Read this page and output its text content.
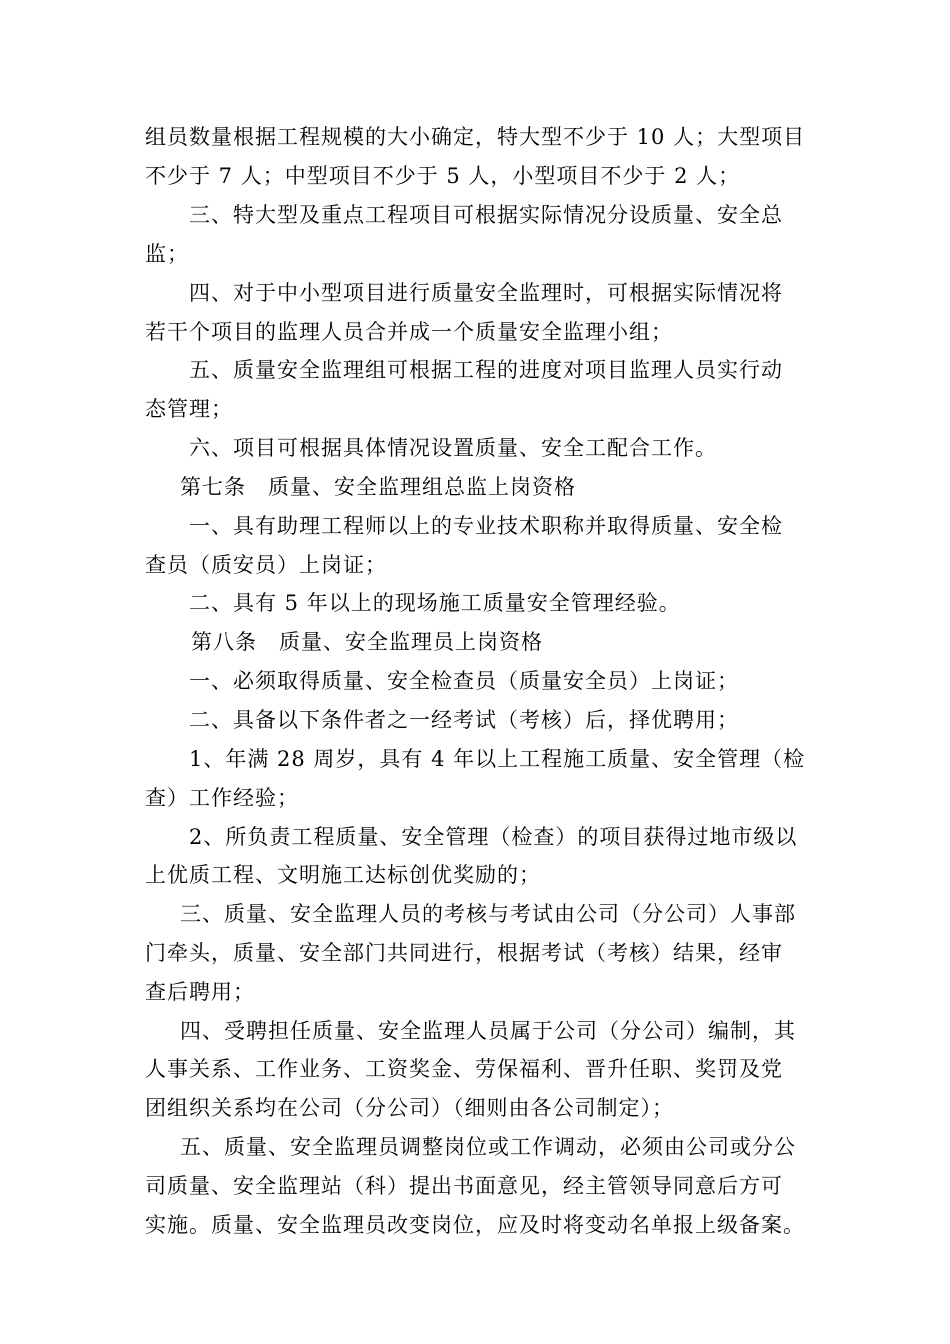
组员数量根据工程规模的大小确定，特大型不少于 10 人；大型项目
不少于 7 人；中型项目不少于 5 人，小型项目不少于 2 人；
三、特大型及重点工程项目可根据实际情况分设质量、安全总
监；
四、对于中小型项目进行质量安全监理时，可根据实际情况将
若干个项目的监理人员合并成一个质量安全监理小组；
五、质量安全监理组可根据工程的进度对项目监理人员实行动
态管理；
六、项目可根据具体情况设置质量、安全工配合工作。
第七条　质量、安全监理组总监上岗资格
一、具有助理工程师以上的专业技术职称并取得质量、安全检
查员（质安员）上岗证；
二、具有 5 年以上的现场施工质量安全管理经验。
第八条　质量、安全监理员上岗资格
一、必须取得质量、安全检查员（质量安全员）上岗证；
二、具备以下条件者之一经考试（考核）后，择优聘用；
1、年满 28 周岁，具有 4 年以上工程施工质量、安全管理（检
查）工作经验；
2、所负责工程质量、安全管理（检查）的项目获得过地市级以
上优质工程、文明施工达标创优奖励的；
三、质量、安全监理人员的考核与考试由公司（分公司）人事部
门牵头，质量、安全部门共同进行，根据考试（考核）结果，经审
查后聘用；
四、受聘担任质量、安全监理人员属于公司（分公司）编制，其
人事关系、工作业务、工资奖金、劳保福利、晋升任职、奖罚及党
团组织关系均在公司（分公司）（细则由各公司制定）；
五、质量、安全监理员调整岗位或工作调动，必须由公司或分公
司质量、安全监理站（科）提出书面意见，经主管领导同意后方可
实施。质量、安全监理员改变岗位，应及时将变动名单报上级备案。
